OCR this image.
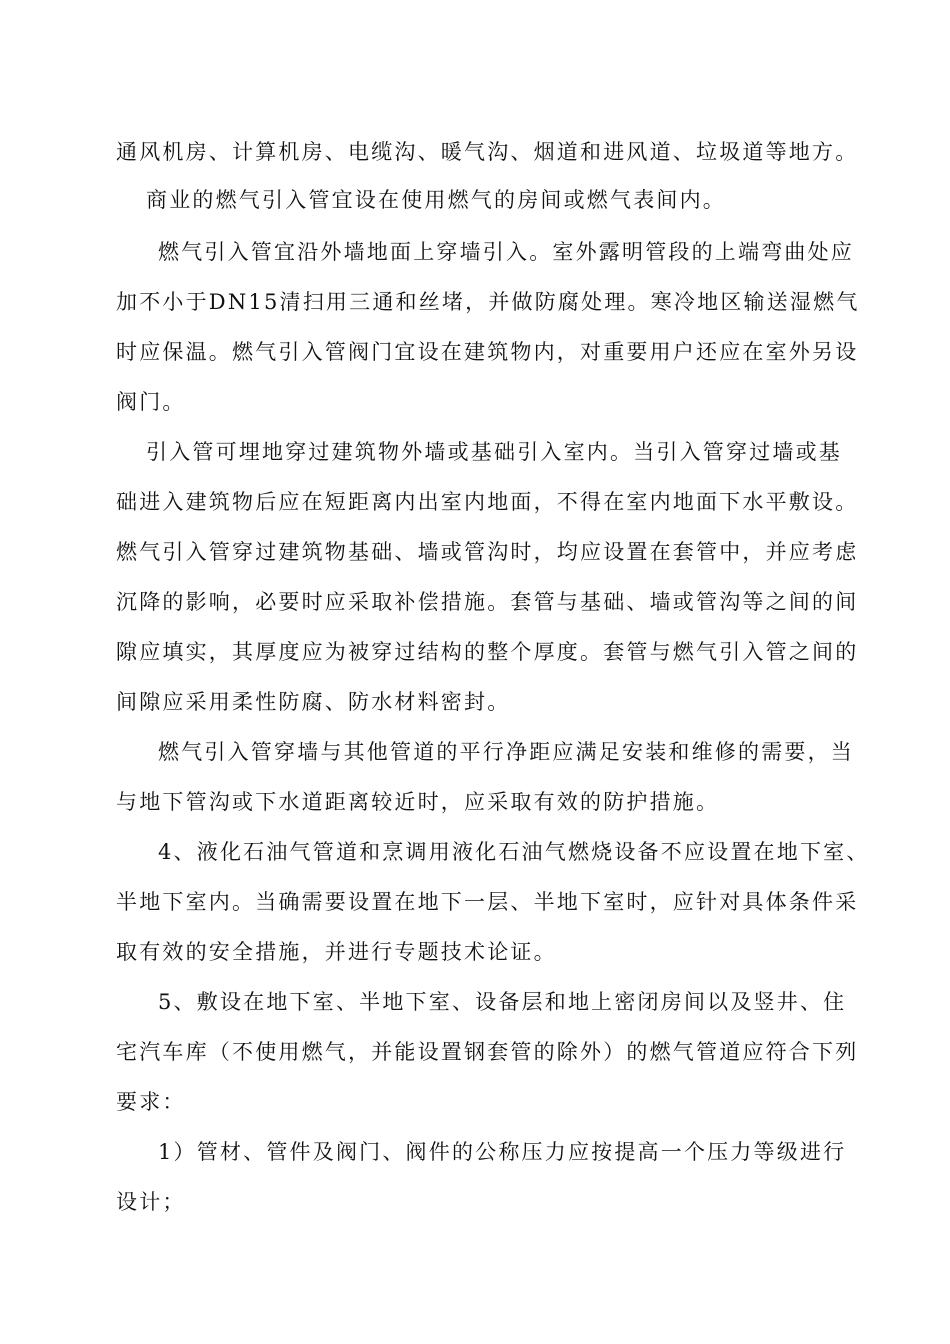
通风机房、计算机房、电缆沟、暖气沟、烟道和进风道、垃圾道等地方。
商业的燃气引入管宜设在使用燃气的房间或燃气表间内。
燃气引入管宜沿外墙地面上穿墙引入。室外露明管段的上端弯曲处应
加不小于DN15清扫用三通和丝堵，并做防腐处理。寒冷地区输送湿燃气
时应保温。燃气引入管阀门宜设在建筑物内，对重要用户还应在室外另设
阀门。
引入管可埋地穿过建筑物外墙或基础引入室内。当引入管穿过墙或基
础进入建筑物后应在短距离内出室内地面，不得在室内地面下水平敷设。
燃气引入管穿过建筑物基础、墙或管沟时，均应设置在套管中，并应考虑
沉降的影响，必要时应采取补偿措施。套管与基础、墙或管沟等之间的间
隙应填实，其厚度应为被穿过结构的整个厚度。套管与燃气引入管之间的
间隙应采用柔性防腐、防水材料密封。
燃气引入管穿墙与其他管道的平行净距应满足安装和维修的需要，当
与地下管沟或下水道距离较近时，应采取有效的防护措施。
4、液化石油气管道和烹调用液化石油气燃烧设备不应设置在地下室、
半地下室内。当确需要设置在地下一层、半地下室时，应针对具体条件采
取有效的安全措施，并进行专题技术论证。
5、敷设在地下室、半地下室、设备层和地上密闭房间以及竖井、住
宅汽车库（不使用燃气，并能设置钢套管的除外）的燃气管道应符合下列
要求：
1）管材、管件及阀门、阀件的公称压力应按提高一个压力等级进行
设计；
